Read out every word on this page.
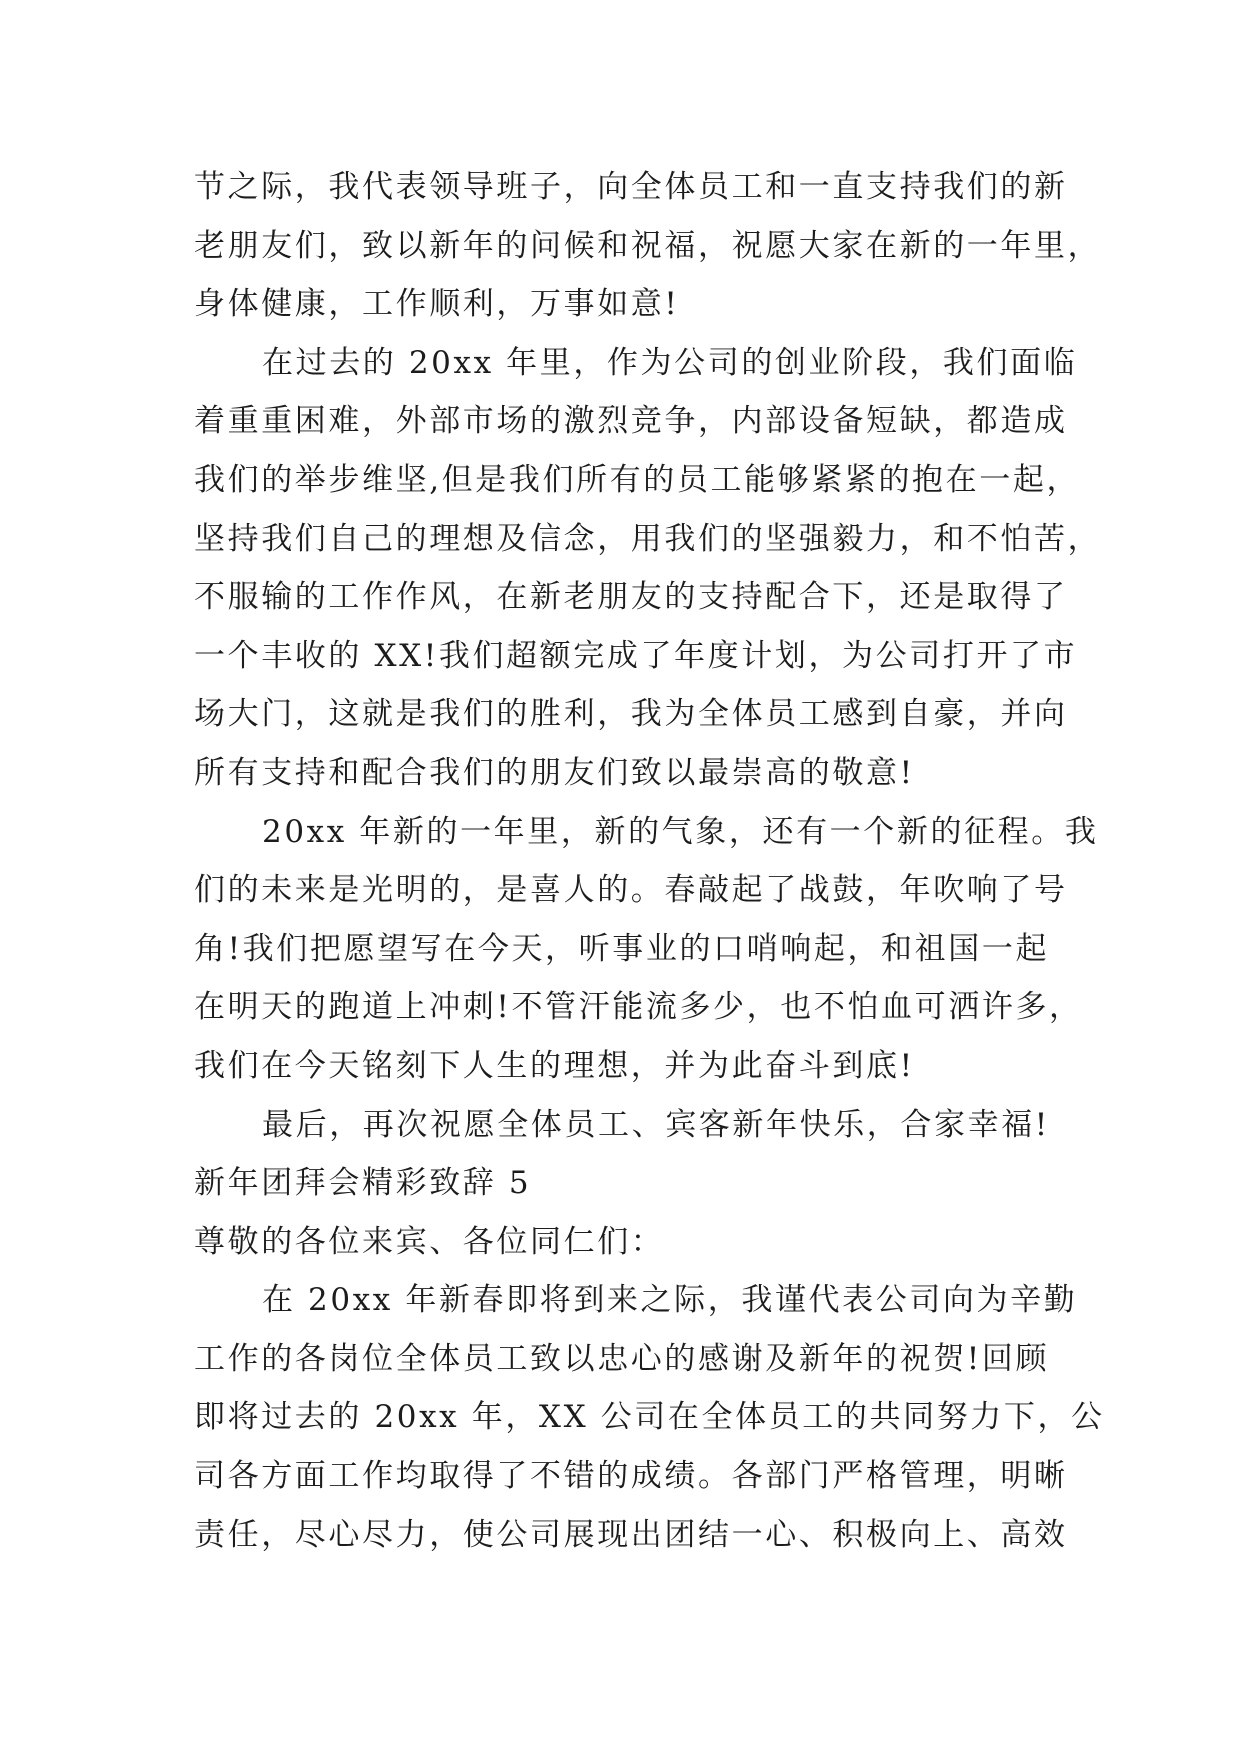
节之际，我代表领导班子，向全体员工和一直支持我们的新
老朋友们，致以新年的问候和祝福，祝愿大家在新的一年里，
身体健康，工作顺利，万事如意!
在过去的 20xx 年里，作为公司的创业阶段，我们面临
着重重困难，外部市场的激烈竞争，内部设备短缺，都造成
我们的举步维坚,但是我们所有的员工能够紧紧的抱在一起，
坚持我们自己的理想及信念，用我们的坚强毅力，和不怕苦，
不服输的工作作风，在新老朋友的支持配合下，还是取得了
一个丰收的 XX!我们超额完成了年度计划，为公司打开了市
场大门，这就是我们的胜利，我为全体员工感到自豪，并向
所有支持和配合我们的朋友们致以最崇高的敬意!
20xx 年新的一年里，新的气象，还有一个新的征程。我
们的未来是光明的，是喜人的。春敲起了战鼓，年吹响了号
角!我们把愿望写在今天，听事业的口哨响起，和祖国一起
在明天的跑道上冲刺!不管汗能流多少，也不怕血可洒许多，
我们在今天铭刻下人生的理想，并为此奋斗到底!
最后，再次祝愿全体员工、宾客新年快乐，合家幸福!
新年团拜会精彩致辞 5
尊敬的各位来宾、各位同仁们：
在 20xx 年新春即将到来之际，我谨代表公司向为辛勤
工作的各岗位全体员工致以忠心的感谢及新年的祝贺!回顾
即将过去的 20xx 年，XX 公司在全体员工的共同努力下，公
司各方面工作均取得了不错的成绩。各部门严格管理，明晰
责任，尽心尽力，使公司展现出团结一心、积极向上、高效
